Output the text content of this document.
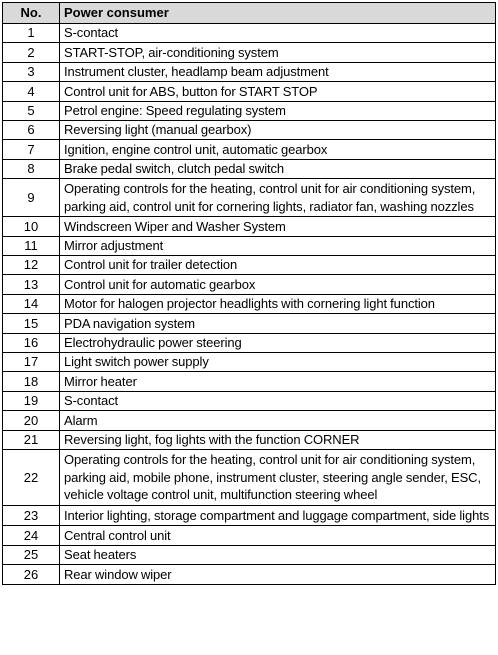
No.	Power consumer
1	S-contact
2	START-STOP, air-conditioning system
3	Instrument cluster, headlamp beam adjustment
4	Control unit for ABS, button for START STOP
5	Petrol engine: Speed regulating system
6	Reversing light (manual gearbox)
7	Ignition, engine control unit, automatic gearbox
8	Brake pedal switch, clutch pedal switch
9	Operating controls for the heating, control unit for air conditioning system, parking aid, control unit for cornering lights, radiator fan, washing nozzles
10	Windscreen Wiper and Washer System
11	Mirror adjustment
12	Control unit for trailer detection
13	Control unit for automatic gearbox
14	Motor for halogen projector headlights with cornering light function
15	PDA navigation system
16	Electrohydraulic power steering
17	Light switch power supply
18	Mirror heater
19	S-contact
20	Alarm
21	Reversing light, fog lights with the function CORNER
22	Operating controls for the heating, control unit for air conditioning system, parking aid, mobile phone, instrument cluster, steering angle sender, ESC, vehicle voltage control unit, multifunction steering wheel
23	Interior lighting, storage compartment and luggage compartment, side lights
24	Central control unit
25	Seat heaters
26	Rear window wiper
